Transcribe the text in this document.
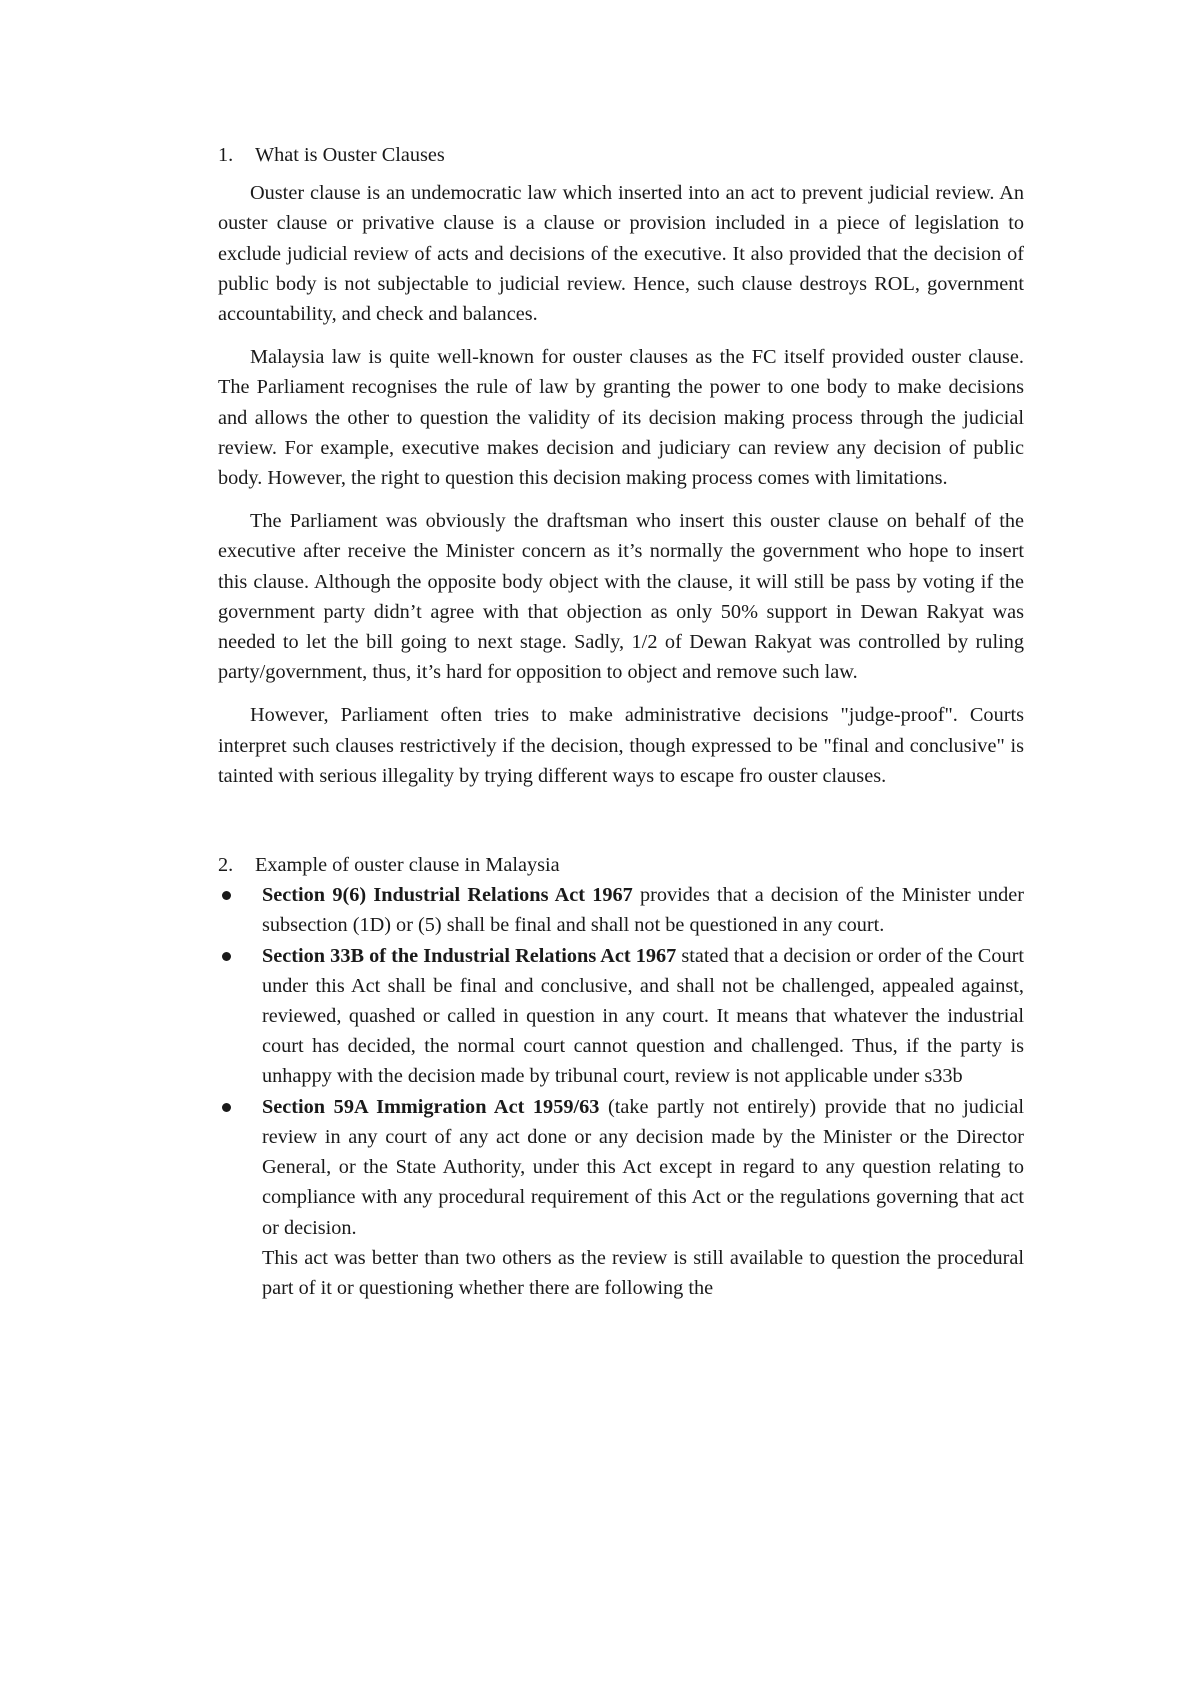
1.	What is Ouster Clauses

Ouster clause is an undemocratic law which inserted into an act to prevent judicial review. An ouster clause or privative clause is a clause or provision included in a piece of legislation to exclude judicial review of acts and decisions of the executive. It also provided that the decision of public body is not subjectable to judicial review. Hence, such clause destroys ROL, government accountability, and check and balances.

Malaysia law is quite well-known for ouster clauses as the FC itself provided ouster clause. The Parliament recognises the rule of law by granting the power to one body to make decisions and allows the other to question the validity of its decision making process through the judicial review. For example, executive makes decision and judiciary can review any decision of public body. However, the right to question this decision making process comes with limitations.

The Parliament was obviously the draftsman who insert this ouster clause on behalf of the executive after receive the Minister concern as it’s normally the government who hope to insert this clause. Although the opposite body object with the clause, it will still be pass by voting if the government party didn’t agree with that objection as only 50% support in Dewan Rakyat was needed to let the bill going to next stage. Sadly, 1/2 of Dewan Rakyat was controlled by ruling party/government, thus, it’s hard for opposition to object and remove such law.

However, Parliament often tries to make administrative decisions "judge-proof". Courts interpret such clauses restrictively if the decision, though expressed to be "final and conclusive" is tainted with serious illegality by trying different ways to escape fro ouster clauses.

2.	Example of ouster clause in Malaysia
Section 9(6) Industrial Relations Act 1967 provides that a decision of the Minister under subsection (1D) or (5) shall be final and shall not be questioned in any court.
Section 33B of the Industrial Relations Act 1967 stated that a decision or order of the Court under this Act shall be final and conclusive, and shall not be challenged, appealed against, reviewed, quashed or called in question in any court. It means that whatever the industrial court has decided, the normal court cannot question and challenged. Thus, if the party is unhappy with the decision made by tribunal court, review is not applicable under s33b
Section 59A Immigration Act 1959/63 (take partly not entirely) provide that no judicial review in any court of any act done or any decision made by the Minister or the Director General, or the State Authority, under this Act except in regard to any question relating to compliance with any procedural requirement of this Act or the regulations governing that act or decision.
This act was better than two others as the review is still available to question the procedural part of it or questioning whether there are following the
